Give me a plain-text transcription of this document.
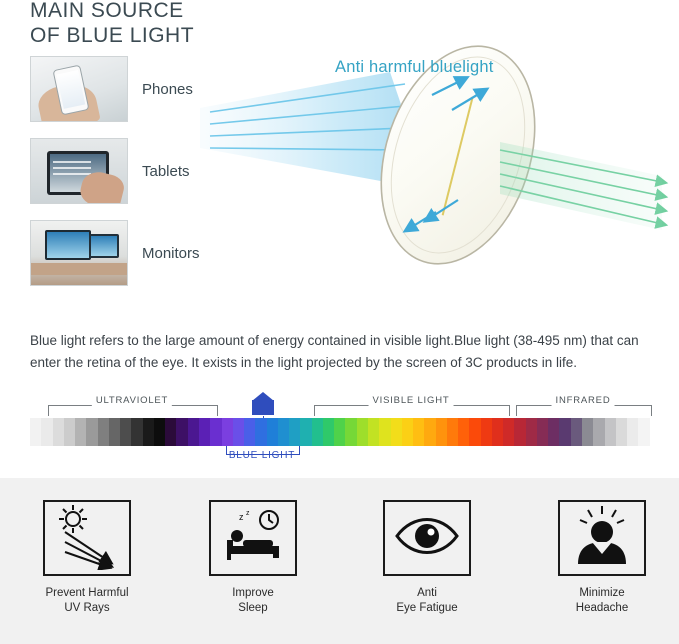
MAIN SOURCE
OF BLUE LIGHT
Phones
Tablets
Monitors
Anti harmful bluelight
Blue light refers to the large amount of energy contained in visible light.Blue light (38-495 nm) that can enter the retina of the eye. It exists in the light projected by the screen of 3C products in life.
ULTRAVIOLET	VISIBLE LIGHT	INFRARED
BLUE LIGHT
Prevent Harmful
UV Rays
z z
Improve
Sleep
Anti
Eye Fatigue
Minimize
Headache
